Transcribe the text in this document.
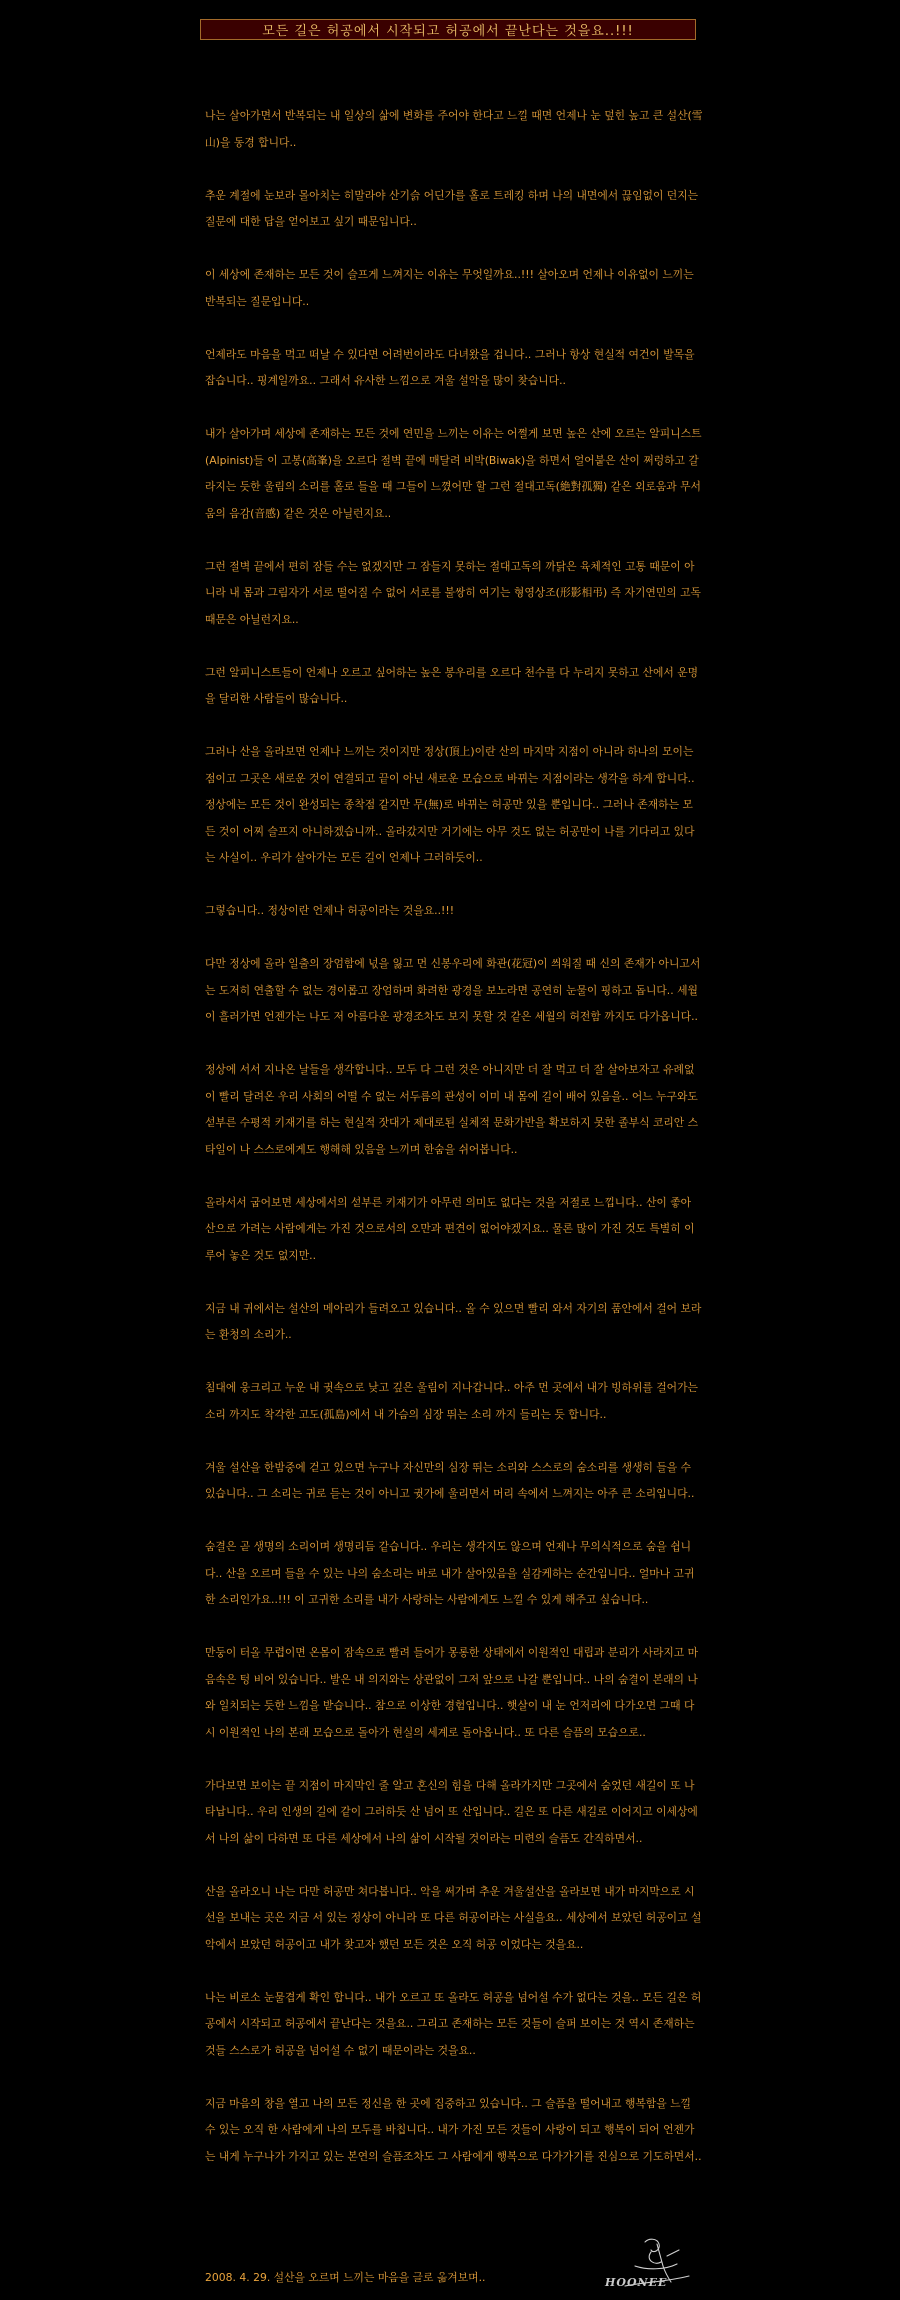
모든 길은 허공에서 시작되고 허공에서 끝난다는 것을요..!!!

나는 살아가면서 반복되는 내 일상의 삶에 변화를 주어야 한다고 느낄 때면 언제나 눈 덮힌 높고 큰 설산(雪山)을 동경 합니다..

추운 계절에 눈보라 몰아치는 히말라야 산기슭 어딘가를 홀로 트레킹 하며 나의 내면에서 끊임없이 던지는 질문에 대한 답을 얻어보고 싶기 때문입니다..

이 세상에 존재하는 모든 것이 슬프게 느껴지는 이유는 무엇일까요..!!! 살아오며 언제나 이유없이 느끼는 반복되는 질문입니다..

언제라도 마음을 먹고 떠날 수 있다면 어려번이라도 다녀왔을 겁니다.. 그러나 항상 현실적 여건이 발목을 잡습니다.. 핑계일까요.. 그래서 유사한 느낌으로 겨울 설악을 많이 찾습니다..

내가 살아가며 세상에 존재하는 모든 것에 연민을 느끼는 이유는 어쩔게 보면 높은 산에 오르는 알피니스트(Alpinist)들 이 고봉(高峯)을 오르다 절벽 끝에 매달려 비박(Biwak)을 하면서 얼어붙은 산이 쩌렁하고 갈라지는 듯한 울림의 소리를 홀로 들을 때 그들이 느꼈어만 할 그런 절대고독(絶對孤獨) 같은 외로움과 무서움의 음감(音感) 같은 것은 아닐런지요..

그런 절벽 끝에서 편히 잠들 수는 없겠지만 그 잠들지 못하는 절대고독의 까닭은 육체적인 고통 때문이 아니라 내 몸과 그림자가 서로 떨어질 수 없어 서로를 불쌍히 여기는 형영상조(形影相弔) 즉 자기연민의 고독 때문은 아닐런지요..

그런 알피니스트들이 언제나 오르고 싶어하는 높은 봉우리를 오르다 천수를 다 누리지 못하고 산에서 운명을 달리한 사람들이 많습니다..

그러나 산을 올라보면 언제나 느끼는 것이지만 정상(頂上)이란 산의 마지막 지점이 아니라 하나의 모이는 점이고 그곳은 새로운 것이 연결되고 끝이 아닌 새로운 모습으로 바뀌는 지점이라는 생각을 하게 합니다.. 정상에는 모든 것이 완성되는 종착점 같지만 무(無)로 바뀌는 허공만 있을 뿐입니다.. 그러나 존재하는 모든 것이 어찌 슬프지 아니하겠습니까.. 올라갔지만 거기에는 아무 것도 없는 허공만이 나를 기다리고 있다는 사실이.. 우리가 살아가는 모든 길이 언제나 그러하듯이..

그렇습니다.. 정상이란 언제나 허공이라는 것을요..!!!

다만 정상에 올라 일출의 장엄함에 넋을 잃고 먼 신봉우리에 화관(花冠)이 씌워질 때 신의 존재가 아니고서는 도저히 연출할 수 없는 경이롭고 장엄하며 화려한 광경을 보노라면 공연히 눈물이 핑하고 돕니다.. 세월이 흘러가면 언젠가는 나도 저 아름다운 광경조차도 보지 못할 것 같은 세월의 허전함 까지도 다가옵니다..

정상에 서서 지나온 날들을 생각합니다.. 모두 다 그런 것은 아니지만 더 잘 먹고 더 잘 살아보자고 유례없이 빨리 달려온 우리 사회의 어떨 수 없는 서두름의 관성이 이미 내 몸에 길이 배어 있음을.. 어느 누구와도 섣부른 수평적 키재기를 하는 현실적 잣대가 제대로된 실체적 문화가반을 확보하지 못한 졸부식 코리안 스타일이 나 스스로에게도 행해해 있음을 느끼며 한숨을 쉬어봅니다..

올라서서 굽어보면 세상에서의 섣부른 키재기가 아무런 의미도 없다는 것을 저절로 느낍니다.. 산이 좋아 산으로 가려는 사람에게는 가진 것으로서의 오만과 편견이 없어야겠지요.. 물론 많이 가진 것도 특별히 이루어 놓은 것도 없지만..

지금 내 귀에서는 설산의 메아리가 들려오고 있습니다.. 올 수 있으면 빨리 와서 자기의 품안에서 걸어 보라는 환청의 소리가..

침대에 웅크리고 누운 내 귓속으로 낮고 깊은 울림이 지나갑니다.. 아주 먼 곳에서 내가 빙하위를 걸어가는 소리 까지도 착각한 고도(孤島)에서 내 가슴의 심장 뛰는 소리 까지 들리는 듯 합니다..

겨울 설산을 한밤중에 걷고 있으면 누구나 자신만의 심장 뛰는 소리와 스스로의 숨소리를 생생히 들을 수 있습니다.. 그 소리는 귀로 듣는 것이 아니고 귓가에 울리면서 머리 속에서 느껴지는 아주 큰 소리입니다..

숨결은 곧 생명의 소리이며 생명리듬 같습니다.. 우리는 생각지도 않으며 언제나 무의식적으로 숨을 쉽니다.. 산을 오르며 들을 수 있는 나의 숨소리는 바로 내가 살아있음을 실감케하는 순간입니다.. 얼마나 고귀한 소리인가요..!!! 이 고귀한 소리를 내가 사랑하는 사람에게도 느낄 수 있게 해주고 싶습니다..

만둥이 터올 무렵이면 온몸이 잠속으로 빨려 들어가 몽롱한 상태에서 이원적인 대립과 분리가 사라지고 마음속은 텅 비어 있습니다.. 발은 내 의지와는 상관없이 그저 앞으로 나갈 뿐입니다.. 나의 숨결이 본래의 나와 일치되는 듯한 느낌을 받습니다.. 참으로 이상한 경험입니다.. 햇살이 내 눈 언저리에 다가오면 그때 다시 이원적인 나의 본래 모습으로 돌아가 현실의 세계로 돌아옵니다.. 또 다른 슬픔의 모습으로..

가다보면 보이는 끝 지점이 마지막인 줄 알고 혼신의 힘을 다해 올라가지만 그곳에서 숨었던 새길이 또 나타납니다.. 우리 인생의 길에 같이 그러하듯 산 넘어 또 산입니다.. 길은 또 다른 새길로 이어지고 이세상에서 나의 삶이 다하면 또 다른 세상에서 나의 삶이 시작될 것이라는 미련의 슬픔도 간직하면서..

산을 올라오니 나는 다만 허공만 쳐다봅니다.. 악을 써가며 추운 겨울설산을 올라보면 내가 마지막으로 시선을 보내는 곳은 지금 서 있는 정상이 아니라 또 다른 허공이라는 사실을요.. 세상에서 보았던 허공이고 설악에서 보았던 허공이고 내가 찾고자 했던 모든 것은 오직 허공 이었다는 것을요..

나는 비로소 눈물겹게 확인 합니다.. 내가 오르고 또 올라도 허공을 넘어설 수가 없다는 것을.. 모든 길은 허공에서 시작되고 허공에서 끝난다는 것을요.. 그리고 존재하는 모든 것들이 슬퍼 보이는 것 역시 존재하는 것들 스스로가 허공을 넘어설 수 없기 때문이라는 것을요..

지금 마음의 창을 열고 나의 모든 정신을 한 곳에 집중하고 있습니다.. 그 슬픔을 떨어내고 행복함을 느낄 수 있는 오직 한 사람에게 나의 모두를 바칩니다.. 내가 가진 모든 것들이 사랑이 되고 행복이 되어 언젠가는 내게 누구나가 가지고 있는 본연의 슬픔조차도 그 사람에게 행복으로 다가가기를 진심으로 기도하면서..

2008. 4. 29. 설산을 오르며 느끼는 마음을 글로 옮겨보며..	HOONEE
